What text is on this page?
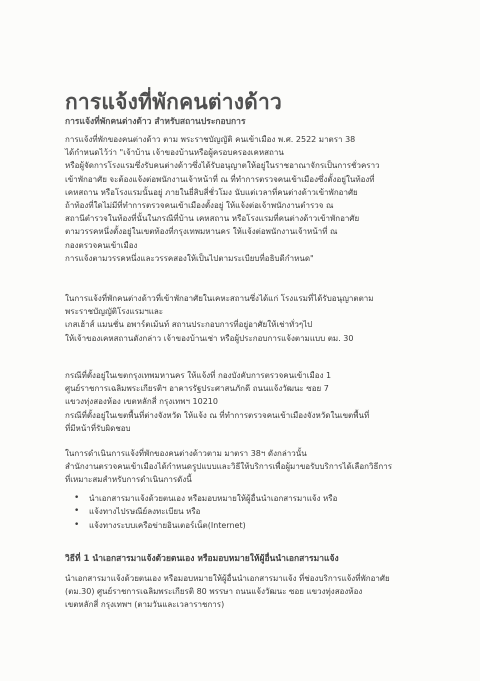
การแจ้งที่พักคนต่างด้าว
การแจ้งที่พักคนต่างด้าว สำหรับสถานประกอบการ
การแจ้งที่พักของคนต่างด้าว ตาม พระราชบัญญัติ คนเข้าเมือง พ.ศ. 2522 มาตรา 38
ได้กำหนดไว้ว่า "เจ้าบ้าน เจ้าของบ้านหรือผู้ครอบครองเคหสถาน
หรือผู้จัดการโรงแรมซึ่งรับคนต่างด้าวซึ่งได้รับอนุญาตให้อยู่ในราชอาณาจักรเป็นการชั่วคราว
เข้าพักอาศัย จะต้องแจ้งต่อพนักงานเจ้าหน้าที่ ณ ที่ทำการตรวจคนเข้าเมืองซึ่งตั้งอยู่ในท้องที่
เคหสถาน หรือโรงแรมนั้นอยู่ ภายในยี่สิบสี่ชั่วโมง นับแต่เวลาที่คนต่างด้าวเข้าพักอาศัย
ถ้าท้องที่ใดไม่มีที่ทำการตรวจคนเข้าเมืองตั้งอยู่ ให้แจ้งต่อเจ้าพนักงานตำรวจ ณ
สถานีตำรวจในท้องที่นั้นในกรณีที่บ้าน เคหสถาน หรือโรงแรมที่คนต่างด้าวเข้าพักอาศัย
ตามวรรคหนึ่งตั้งอยู่ในเขตท้องที่กรุงเทพมหานคร ให้แจ้งต่อพนักงานเจ้าหน้าที่ ณ
กองตรวจคนเข้าเมือง
การแจ้งตามวรรคหนึ่งและวรรคสองให้เป็นไปตามระเบียบที่อธิบดีกำหนด"
ในการแจ้งที่พักคนต่างด้าวที่เข้าพักอาศัยในเคหะสถานซึ่งได้แก่ โรงแรมที่ได้รับอนุญาตตาม
พระราชบัญญัติโรงแรมฯและ
เกสเฮ้าส์ แมนชั่น อพาร์ตเม้นท์ สถานประกอบการที่อยู่อาศัยให้เช่าทั่วๆไป
ให้เจ้าของเคหสถานดังกล่าว เจ้าของบ้านเช่า หรือผู้ประกอบการแจ้งตามแบบ ตม. 30
กรณีที่ตั้งอยู่ในเขตกรุงเทพมหานคร ให้แจ้งที่ กองบังคับการตรวจคนเข้าเมือง 1
ศูนย์ราชการเฉลิมพระเกียรติฯ อาคารรัฐประศาสนภักดี ถนนแจ้งวัฒนะ ซอย 7
แขวงทุ่งสองห้อง เขตหลักสี่ กรุงเทพฯ 10210
กรณีที่ตั้งอยู่ในเขตพื้นที่ต่างจังหวัด ให้แจ้ง ณ ที่ทำการตรวจคนเข้าเมืองจังหวัดในเขตพื้นที่
ที่มีหน้าที่รับผิดชอบ
ในการดำเนินการแจ้งที่พักของคนต่างด้าวตาม มาตรา 38ฯ ดังกล่าวนั้น
สำนักงานตรวจคนเข้าเมืองได้กำหนดรูปแบบและวิธีให้บริการเพื่อผู้มาขอรับบริการได้เลือกวิธีการ
ที่เหมาะสมสำหรับการดำเนินการดังนี้
• นำเอกสารมาแจ้งด้วยตนเอง หรือมอบหมายให้ผู้อื่นนำเอกสารมาแจ้ง หรือ
• แจ้งทางไปรษณีย์ลงทะเบียน หรือ
• แจ้งทางระบบเครือข่ายอินเตอร์เน็ต(Internet)
วิธีที่ 1 นำเอกสารมาแจ้งด้วยตนเอง หรือมอบหมายให้ผู้อื่นนำเอกสารมาแจ้ง
นำเอกสารมาแจ้งด้วยตนเอง หรือมอบหมายให้ผู้อื่นนำเอกสารมาแจ้ง ที่ช่องบริการแจ้งที่พักอาศัย
(ตม.30) ศูนย์ราชการเฉลิมพระเกียรติ 80 พรรษา ถนนแจ้งวัฒนะ ซอย แขวงทุ่งสองห้อง
เขตหลักสี่ กรุงเทพฯ (ตามวันและเวลาราชการ)
